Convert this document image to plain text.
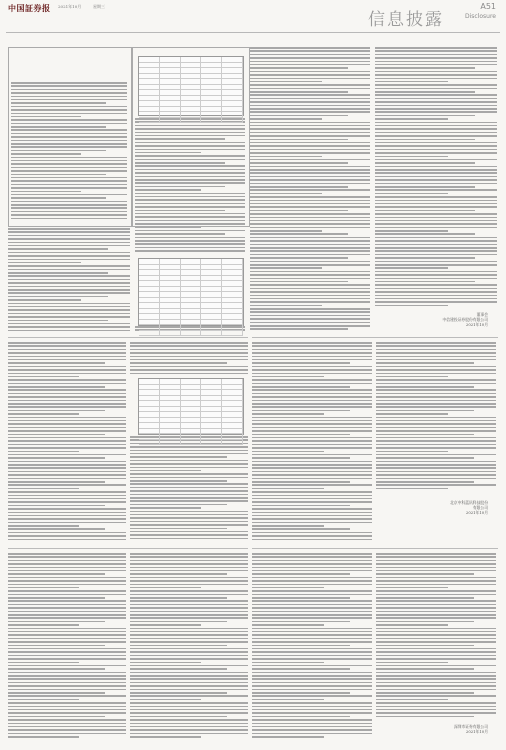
中国証券报 2021年10月	星期三
信息披露
A51
Disclosure
董事会
中信建投证券股份有限公司
2021年10月
北京中科蓝讯科技股份
有限公司
2021年10月
深圳市证券有限公司
2021年10月
